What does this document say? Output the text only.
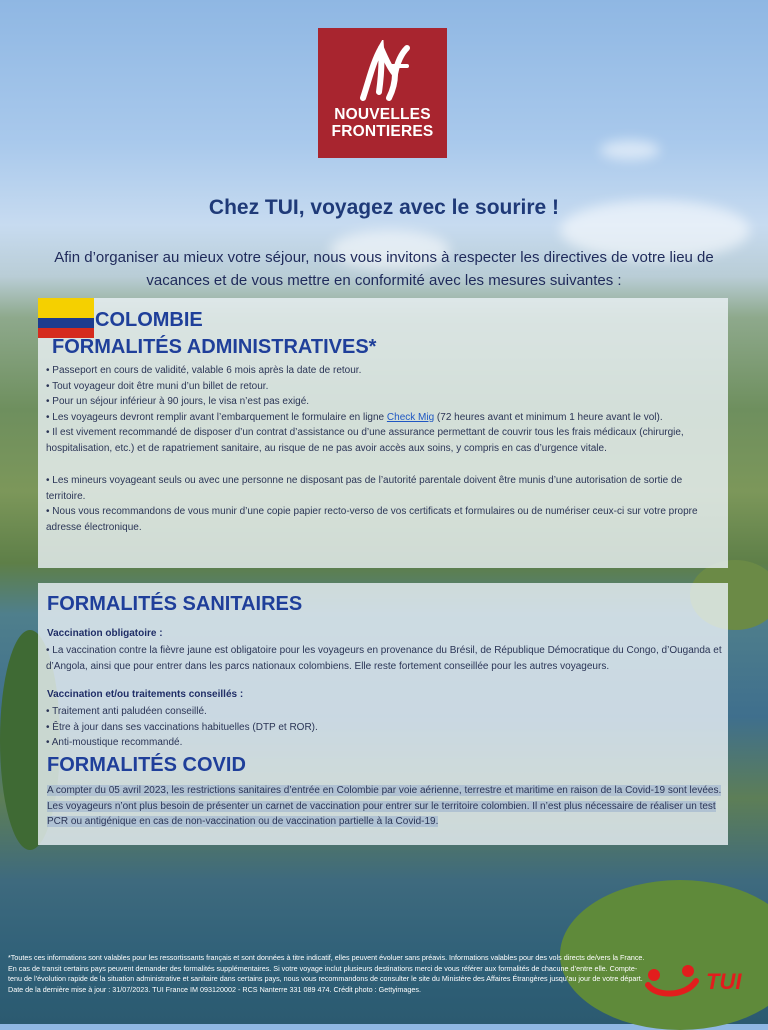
NOUVELLES
FRONTIERES
Chez TUI, voyagez avec le sourire !
Afin d’organiser au mieux votre séjour, nous vous invitons à respecter les directives de votre lieu de vacances et de vous mettre en conformité avec les mesures suivantes :
COLOMBIE
FORMALITÉS ADMINISTRATIVES*
• Passeport en cours de validité, valable 6 mois après la date de retour.
• Tout voyageur doit être muni d’un billet de retour.
• Pour un séjour inférieur à 90 jours, le visa n’est pas exigé.
• Les voyageurs devront remplir avant l’embarquement le formulaire en ligne Check Mig (72 heures avant et minimum 1 heure avant le vol).
• Il est vivement recommandé de disposer d’un contrat d’assistance ou d’une assurance permettant de couvrir tous les frais médicaux (chirurgie, hospitalisation, etc.) et de rapatriement sanitaire, au risque de ne pas avoir accès aux soins, y compris en cas d’urgence vitale.
• Les mineurs voyageant seuls ou avec une personne ne disposant pas de l’autorité parentale doivent être munis d’une autorisation de sortie de territoire.
• Nous vous recommandons de vous munir d’une copie papier recto-verso de vos certificats et formulaires ou de numériser ceux-ci sur votre propre adresse électronique.
FORMALITÉS SANITAIRES
Vaccination obligatoire :
• La vaccination contre la fièvre jaune est obligatoire pour les voyageurs en provenance du Brésil, de République Démocratique du Congo, d’Ouganda et d’Angola, ainsi que pour entrer dans les parcs nationaux colombiens. Elle reste fortement conseillée pour les autres voyageurs.
Vaccination et/ou traitements conseillés :
• Traitement anti paludéen conseillé.
• Être à jour dans ses vaccinations habituelles (DTP et ROR).
• Anti-moustique recommandé.
FORMALITÉS COVID

A compter du 05 avril 2023, les restrictions sanitaires d’entrée en Colombie par voie aérienne, terrestre et maritime en raison de la Covid-19 sont levées.

Les voyageurs n’ont plus besoin de présenter un carnet de vaccination pour entrer sur le territoire colombien. Il n’est plus nécessaire de réaliser un test PCR ou antigénique en cas de non-vaccination ou de vaccination partielle à la Covid-19.

*Toutes ces informations sont valables pour les ressortissants français et sont données à titre indicatif, elles peuvent évoluer sans préavis. Informations valables pour des vols directs de/vers la France. En cas de transit certains pays peuvent demander des formalités supplémentaires. Si votre voyage inclut plusieurs destinations merci de vous référer aux formalités de chacune d’entre elle. Compte-tenu de l’évolution rapide de la situation administrative et sanitaire dans certains pays, nous vous recommandons de consulter le site du Ministère des Affaires Étrangères jusqu’au jour de votre départ.

Date de la dernière mise à jour : 31/07/2023. TUI France IM 093120002 - RCS Nanterre 331 089 474. Crédit photo : Gettyimages.	TUI
